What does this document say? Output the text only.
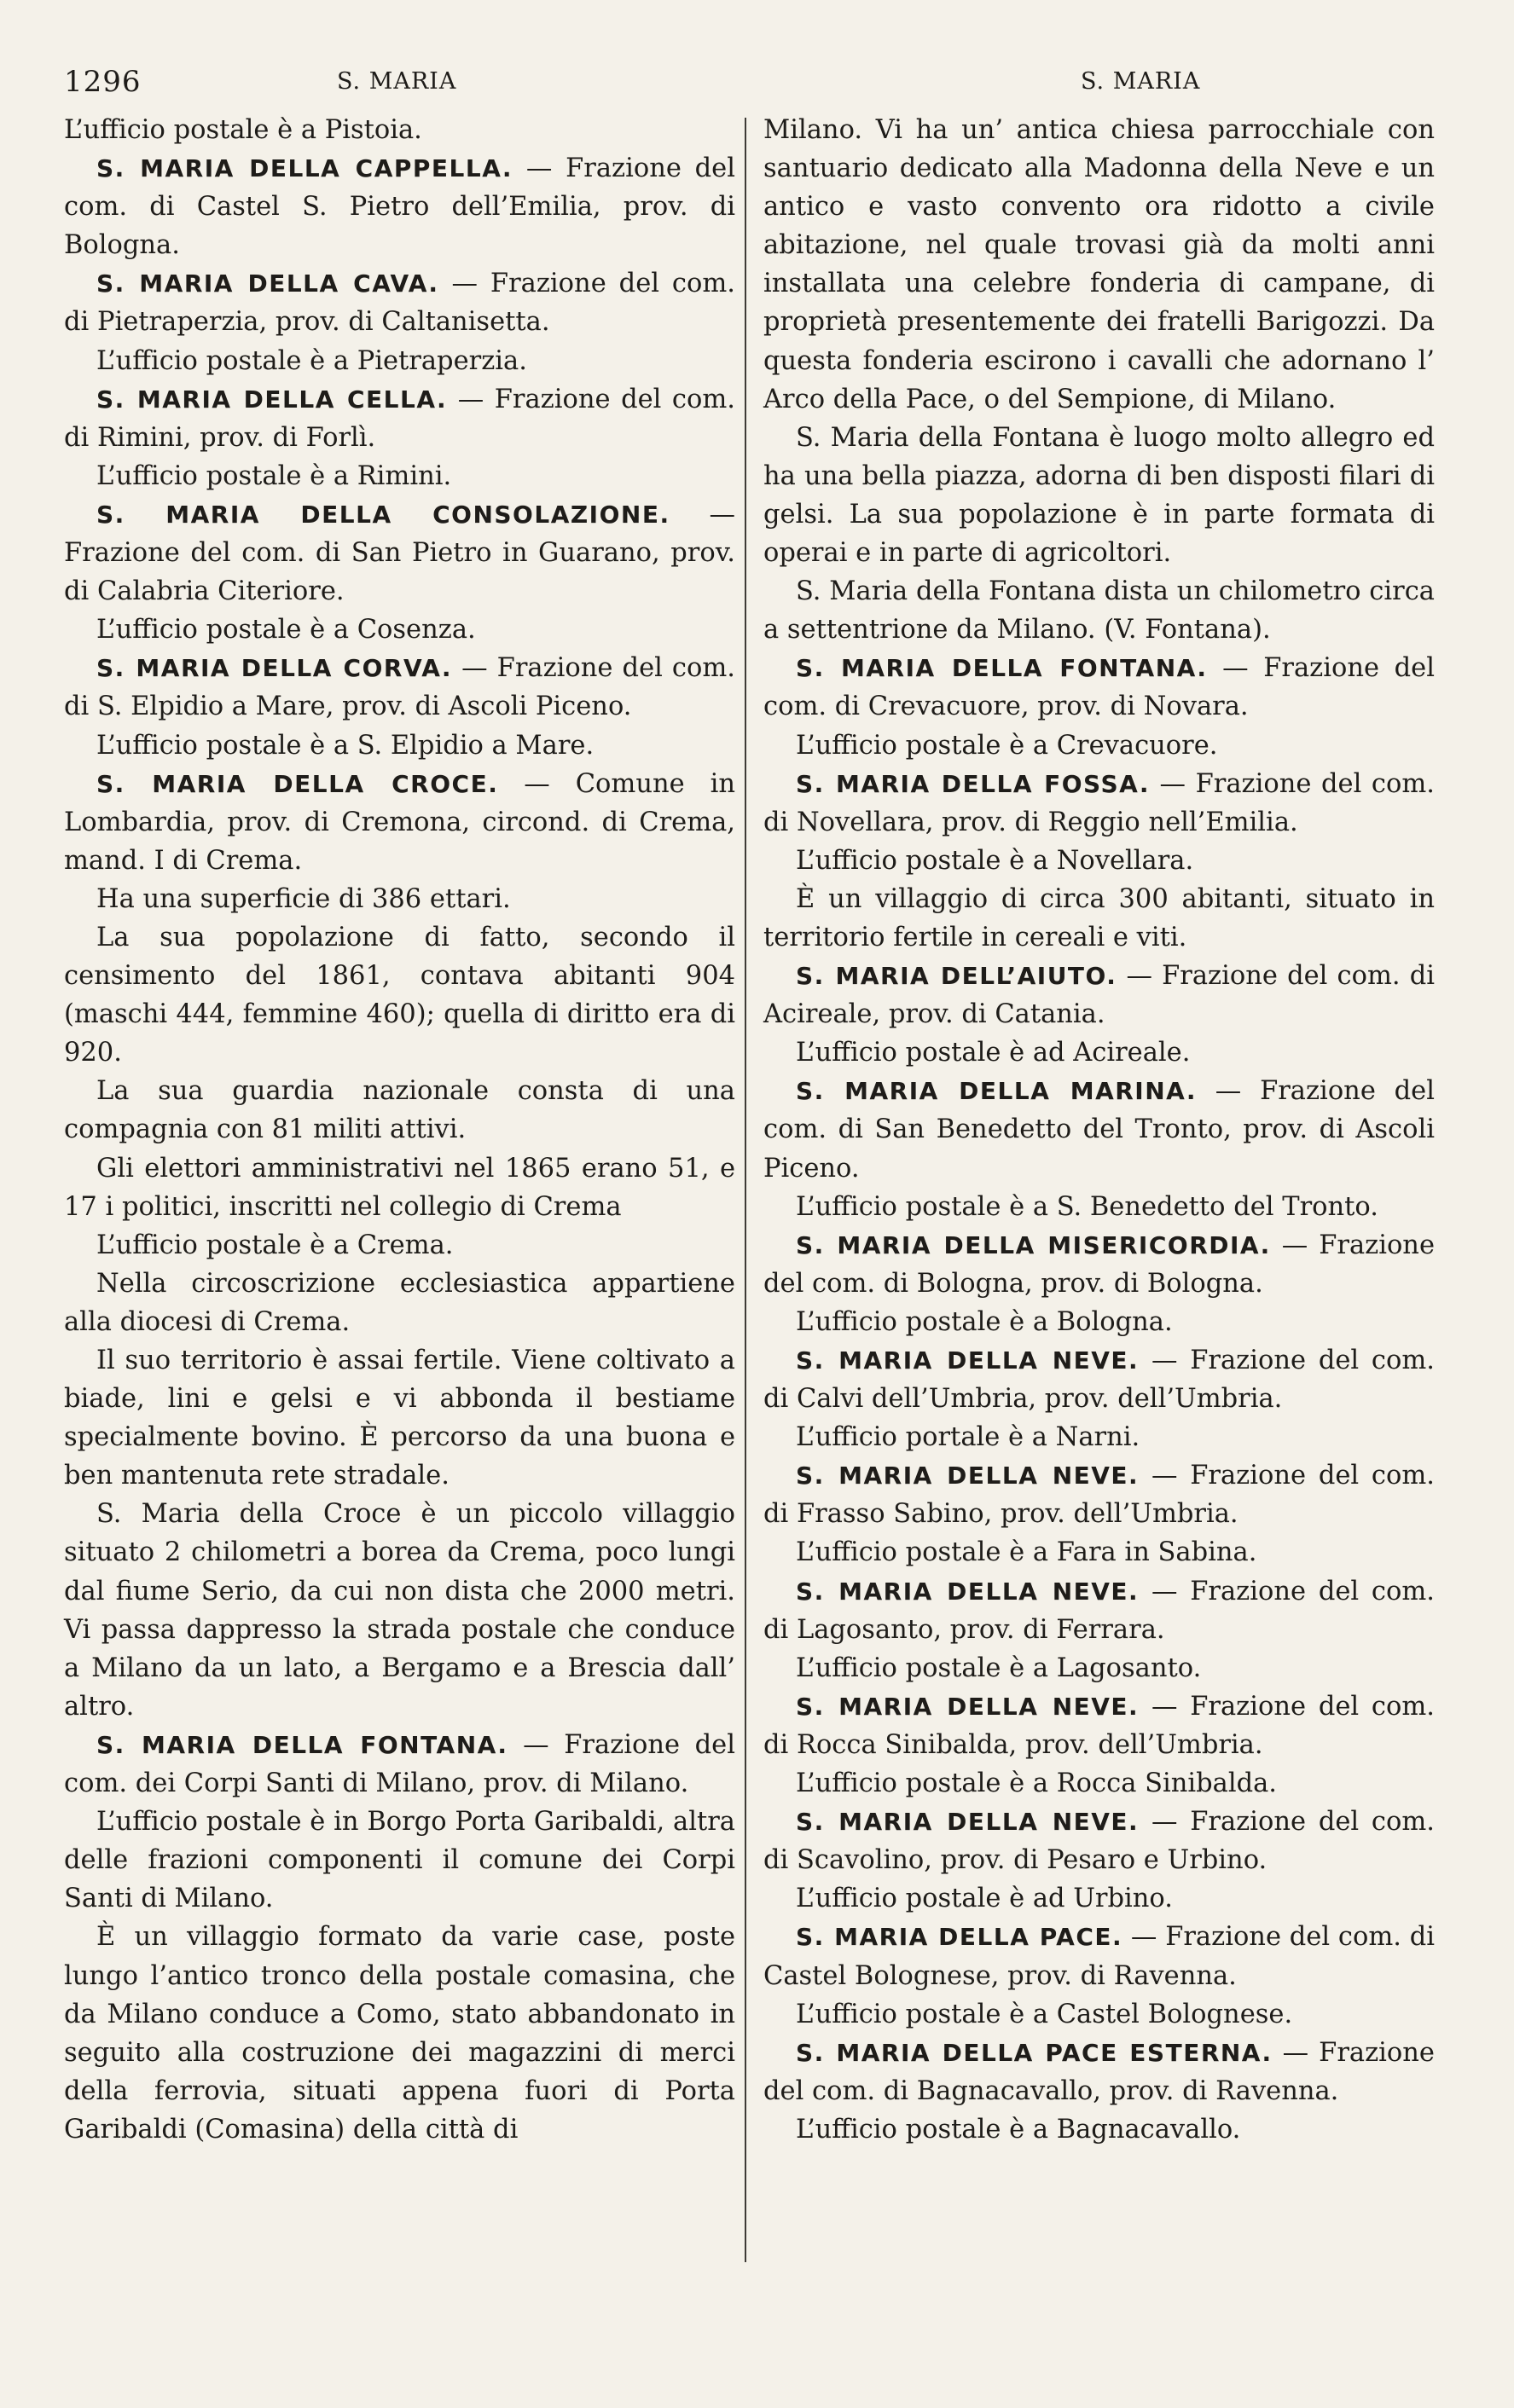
1296	S. MARIA	S. MARIA

L’ufficio postale è a Pistoia.

S. MARIA DELLA CAPPELLA. — Frazione del com. di Castel S. Pietro dell’Emilia, prov. di Bologna.

S. MARIA DELLA CAVA. — Frazione del com. di Pietraperzia, prov. di Caltanisetta.

L’ufficio postale è a Pietraperzia.

S. MARIA DELLA CELLA. — Frazione del com. di Rimini, prov. di Forlì.

L’ufficio postale è a Rimini.

S. MARIA DELLA CONSOLAZIONE. — Frazione del com. di San Pietro in Guarano, prov. di Calabria Citeriore.

L’ufficio postale è a Cosenza.

S. MARIA DELLA CORVA. — Frazione del com. di S. Elpidio a Mare, prov. di Ascoli Piceno.

L’ufficio postale è a S. Elpidio a Mare.

S. MARIA DELLA CROCE. — Comune in Lombardia, prov. di Cremona, circond. di Crema, mand. I di Crema.

Ha una superficie di 386 ettari.

La sua popolazione di fatto, secondo il censimento del 1861, contava abitanti 904 (maschi 444, femmine 460); quella di diritto era di 920.

La sua guardia nazionale consta di una compagnia con 81 militi attivi.

Gli elettori amministrativi nel 1865 erano 51, e 17 i politici, inscritti nel collegio di Crema

L’ufficio postale è a Crema.

Nella circoscrizione ecclesiastica appartiene alla diocesi di Crema.

Il suo territorio è assai fertile. Viene coltivato a biade, lini e gelsi e vi abbonda il bestiame specialmente bovino. È percorso da una buona e ben mantenuta rete stradale.

S. Maria della Croce è un piccolo villaggio situato 2 chilometri a borea da Crema, poco lungi dal fiume Serio, da cui non dista che 2000 metri. Vi passa dappresso la strada postale che conduce a Milano da un lato, a Bergamo e a Brescia dall’ altro.

S. MARIA DELLA FONTANA. — Frazione del com. dei Corpi Santi di Milano, prov. di Milano.

L’ufficio postale è in Borgo Porta Garibaldi, altra delle frazioni componenti il comune dei Corpi Santi di Milano.

È un villaggio formato da varie case, poste lungo l’antico tronco della postale comasina, che da Milano conduce a Como, stato abbandonato in seguito alla costruzione dei magazzini di merci della ferrovia, situati appena fuori di Porta Garibaldi (Comasina) della città di

Milano. Vi ha un’ antica chiesa parrocchiale con santuario dedicato alla Madonna della Neve e un antico e vasto convento ora ridotto a civile abitazione, nel quale trovasi già da molti anni installata una celebre fonderia di campane, di proprietà presentemente dei fratelli Barigozzi. Da questa fonderia escirono i cavalli che adornano l’ Arco della Pace, o del Sempione, di Milano.

S. Maria della Fontana è luogo molto allegro ed ha una bella piazza, adorna di ben disposti filari di gelsi. La sua popolazione è in parte formata di operai e in parte di agricoltori.

S. Maria della Fontana dista un chilometro circa a settentrione da Milano. (V. Fontana).

S. MARIA DELLA FONTANA. — Frazione del com. di Crevacuore, prov. di Novara.

L’ufficio postale è a Crevacuore.

S. MARIA DELLA FOSSA. — Frazione del com. di Novellara, prov. di Reggio nell’Emilia.

L’ufficio postale è a Novellara.

È un villaggio di circa 300 abitanti, situato in territorio fertile in cereali e viti.

S. MARIA DELL’AIUTO. — Frazione del com. di Acireale, prov. di Catania.

L’ufficio postale è ad Acireale.

S. MARIA DELLA MARINA. — Frazione del com. di San Benedetto del Tronto, prov. di Ascoli Piceno.

L’ufficio postale è a S. Benedetto del Tronto.

S. MARIA DELLA MISERICORDIA. — Frazione del com. di Bologna, prov. di Bologna.

L’ufficio postale è a Bologna.

S. MARIA DELLA NEVE. — Frazione del com. di Calvi dell’Umbria, prov. dell’Umbria.

L’ufficio portale è a Narni.

S. MARIA DELLA NEVE. — Frazione del com. di Frasso Sabino, prov. dell’Umbria.

L’ufficio postale è a Fara in Sabina.

S. MARIA DELLA NEVE. — Frazione del com. di Lagosanto, prov. di Ferrara.

L’ufficio postale è a Lagosanto.

S. MARIA DELLA NEVE. — Frazione del com. di Rocca Sinibalda, prov. dell’Umbria.

L’ufficio postale è a Rocca Sinibalda.

S. MARIA DELLA NEVE. — Frazione del com. di Scavolino, prov. di Pesaro e Urbino.

L’ufficio postale è ad Urbino.

S. MARIA DELLA PACE. — Frazione del com. di Castel Bolognese, prov. di Ravenna.

L’ufficio postale è a Castel Bolognese.

S. MARIA DELLA PACE ESTERNA. — Frazione del com. di Bagnacavallo, prov. di Ravenna.

L’ufficio postale è a Bagnacavallo.
